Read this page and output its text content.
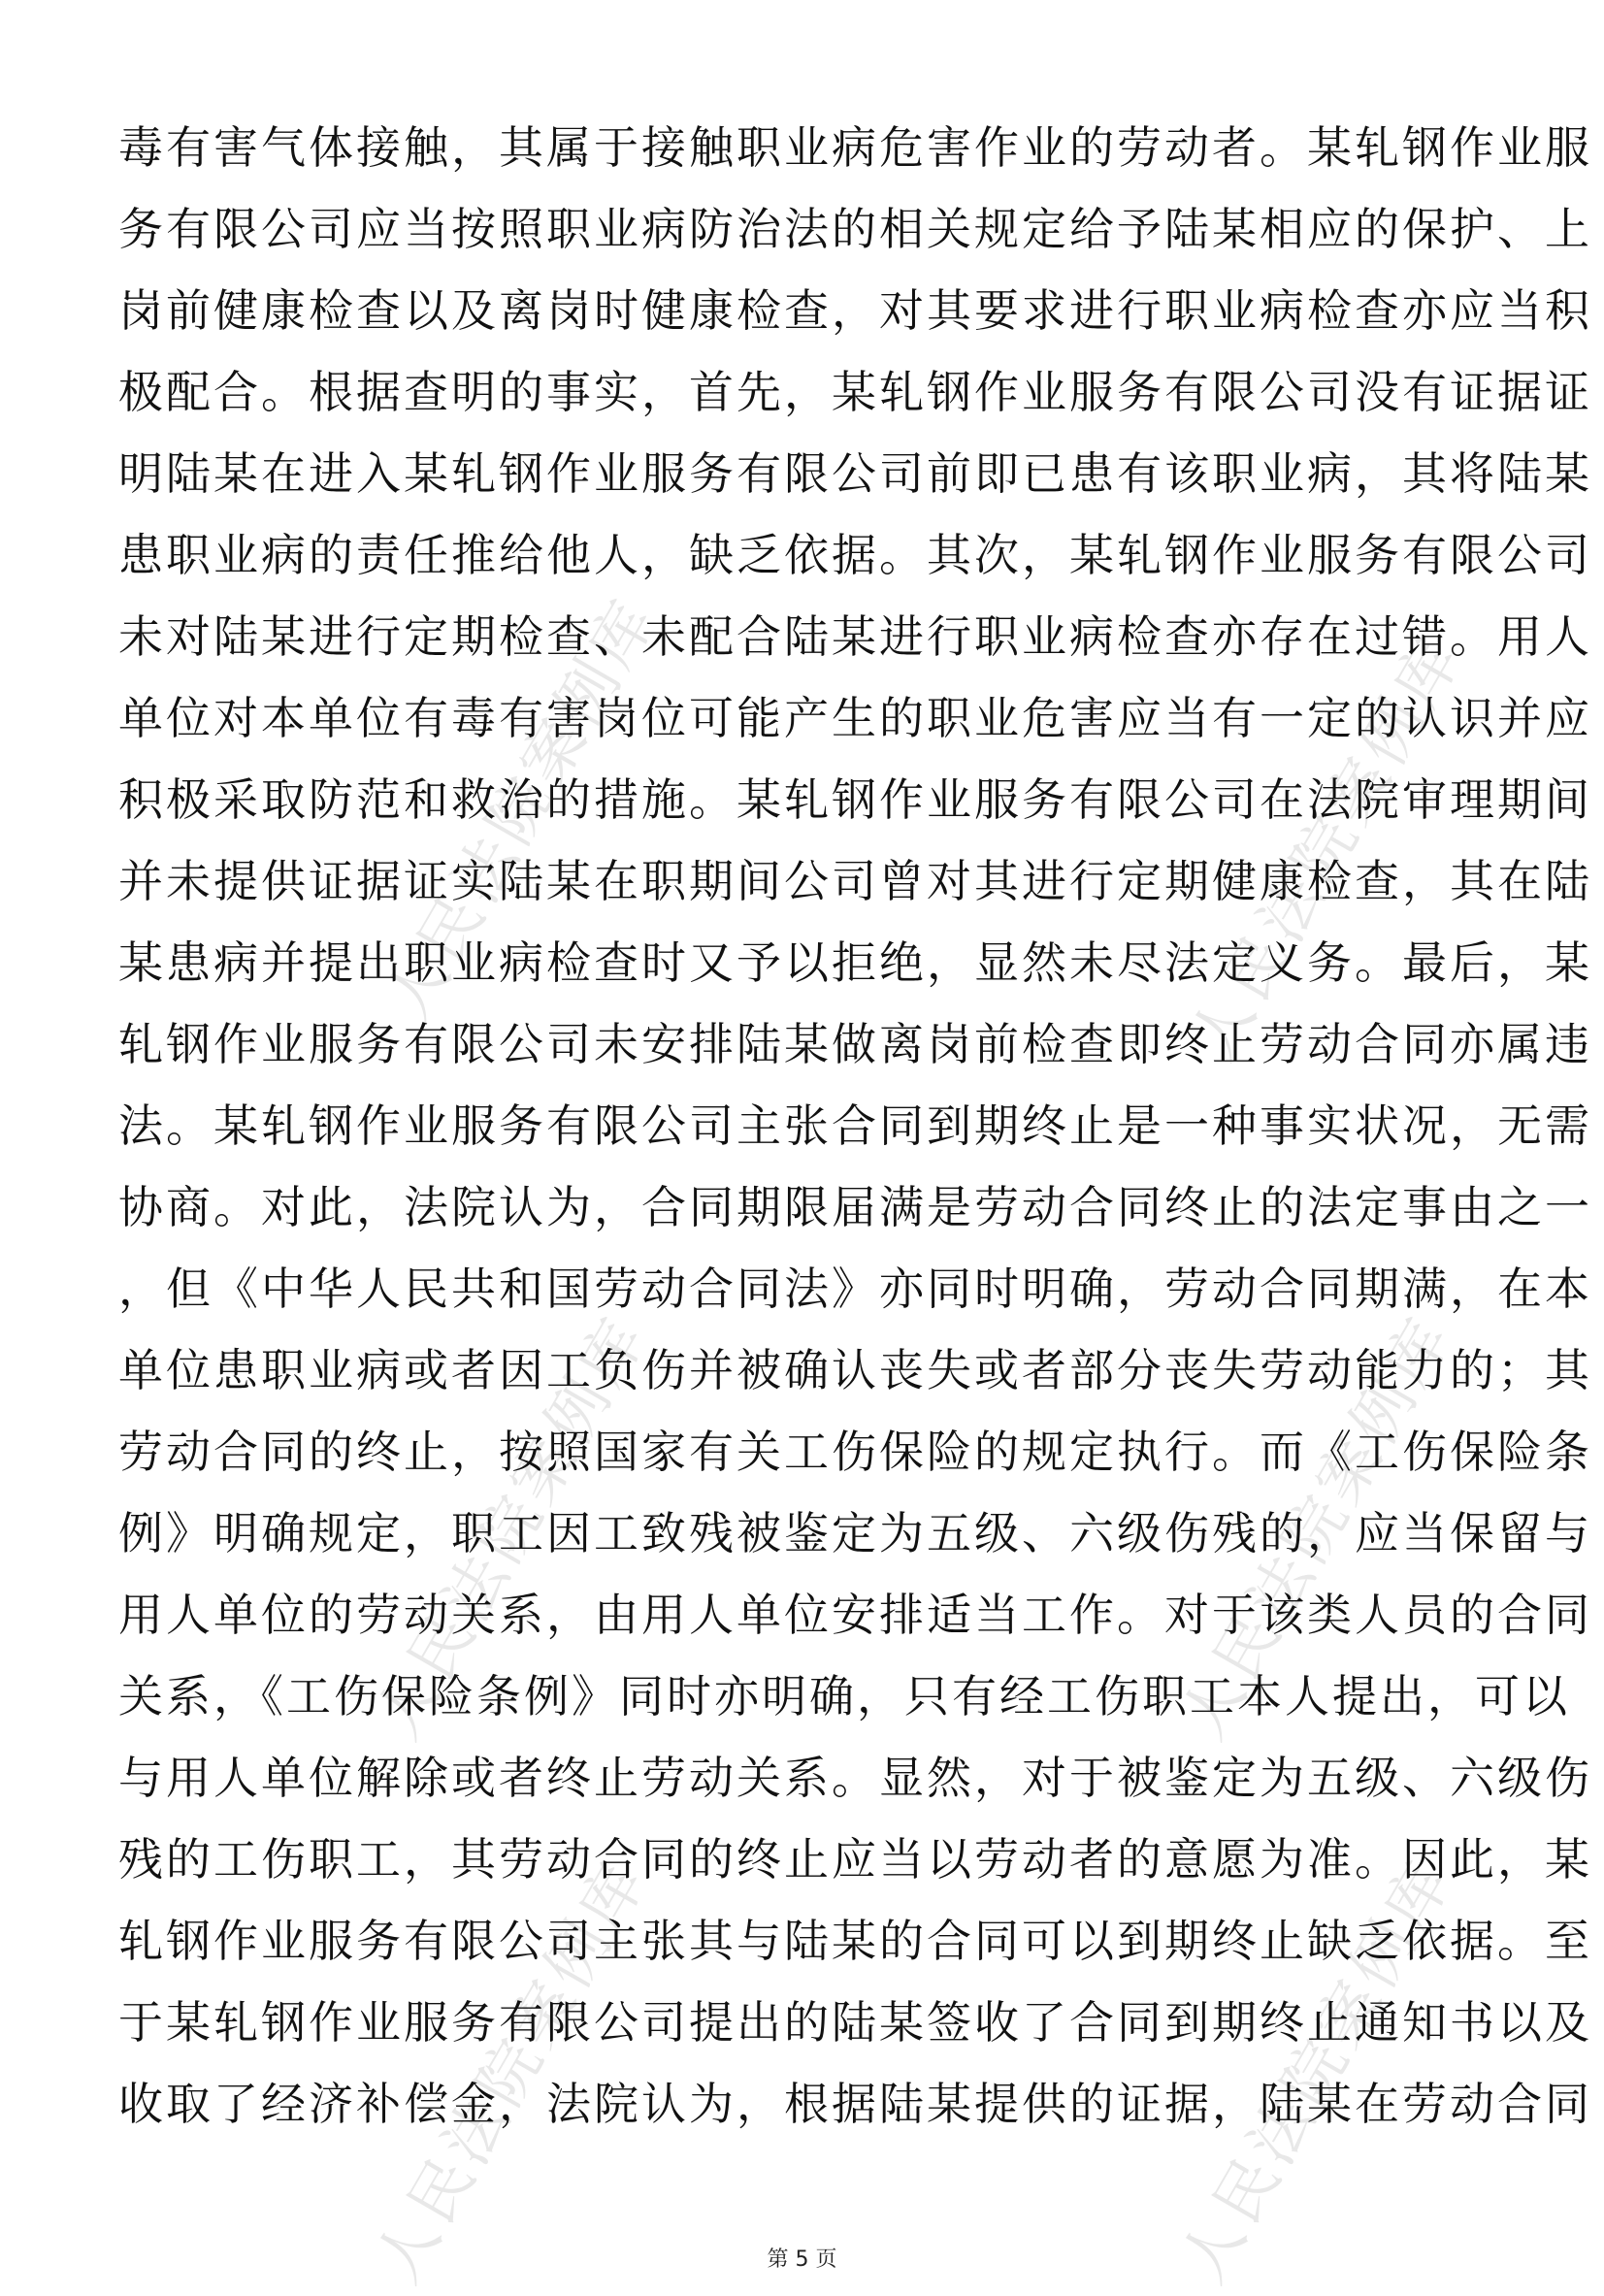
人民法院案例库	人民法院案例库
人民法院案例库	人民法院案例库
人民法院案例库	人民法院案例库
毒有害气体接触，其属于接触职业病危害作业的劳动者。某轧钢作业服
务有限公司应当按照职业病防治法的相关规定给予陆某相应的保护、上
岗前健康检查以及离岗时健康检查，对其要求进行职业病检查亦应当积
极配合。根据查明的事实，首先，某轧钢作业服务有限公司没有证据证
明陆某在进入某轧钢作业服务有限公司前即已患有该职业病，其将陆某
患职业病的责任推给他人，缺乏依据。其次，某轧钢作业服务有限公司
未对陆某进行定期检查、未配合陆某进行职业病检查亦存在过错。用人
单位对本单位有毒有害岗位可能产生的职业危害应当有一定的认识并应
积极采取防范和救治的措施。某轧钢作业服务有限公司在法院审理期间
并未提供证据证实陆某在职期间公司曾对其进行定期健康检查，其在陆
某患病并提出职业病检查时又予以拒绝，显然未尽法定义务。最后，某
轧钢作业服务有限公司未安排陆某做离岗前检查即终止劳动合同亦属违
法。某轧钢作业服务有限公司主张合同到期终止是一种事实状况，无需
协商。对此，法院认为，合同期限届满是劳动合同终止的法定事由之一
，但《中华人民共和国劳动合同法》亦同时明确，劳动合同期满，在本
单位患职业病或者因工负伤并被确认丧失或者部分丧失劳动能力的；其
劳动合同的终止，按照国家有关工伤保险的规定执行。而《工伤保险条
例》明确规定，职工因工致残被鉴定为五级、六级伤残的，应当保留与
用人单位的劳动关系，由用人单位安排适当工作。对于该类人员的合同
关系，《工伤保险条例》同时亦明确，只有经工伤职工本人提出，可以
与用人单位解除或者终止劳动关系。显然，对于被鉴定为五级、六级伤
残的工伤职工，其劳动合同的终止应当以劳动者的意愿为准。因此，某
轧钢作业服务有限公司主张其与陆某的合同可以到期终止缺乏依据。至
于某轧钢作业服务有限公司提出的陆某签收了合同到期终止通知书以及
收取了经济补偿金，法院认为，根据陆某提供的证据，陆某在劳动合同
第 5 页
